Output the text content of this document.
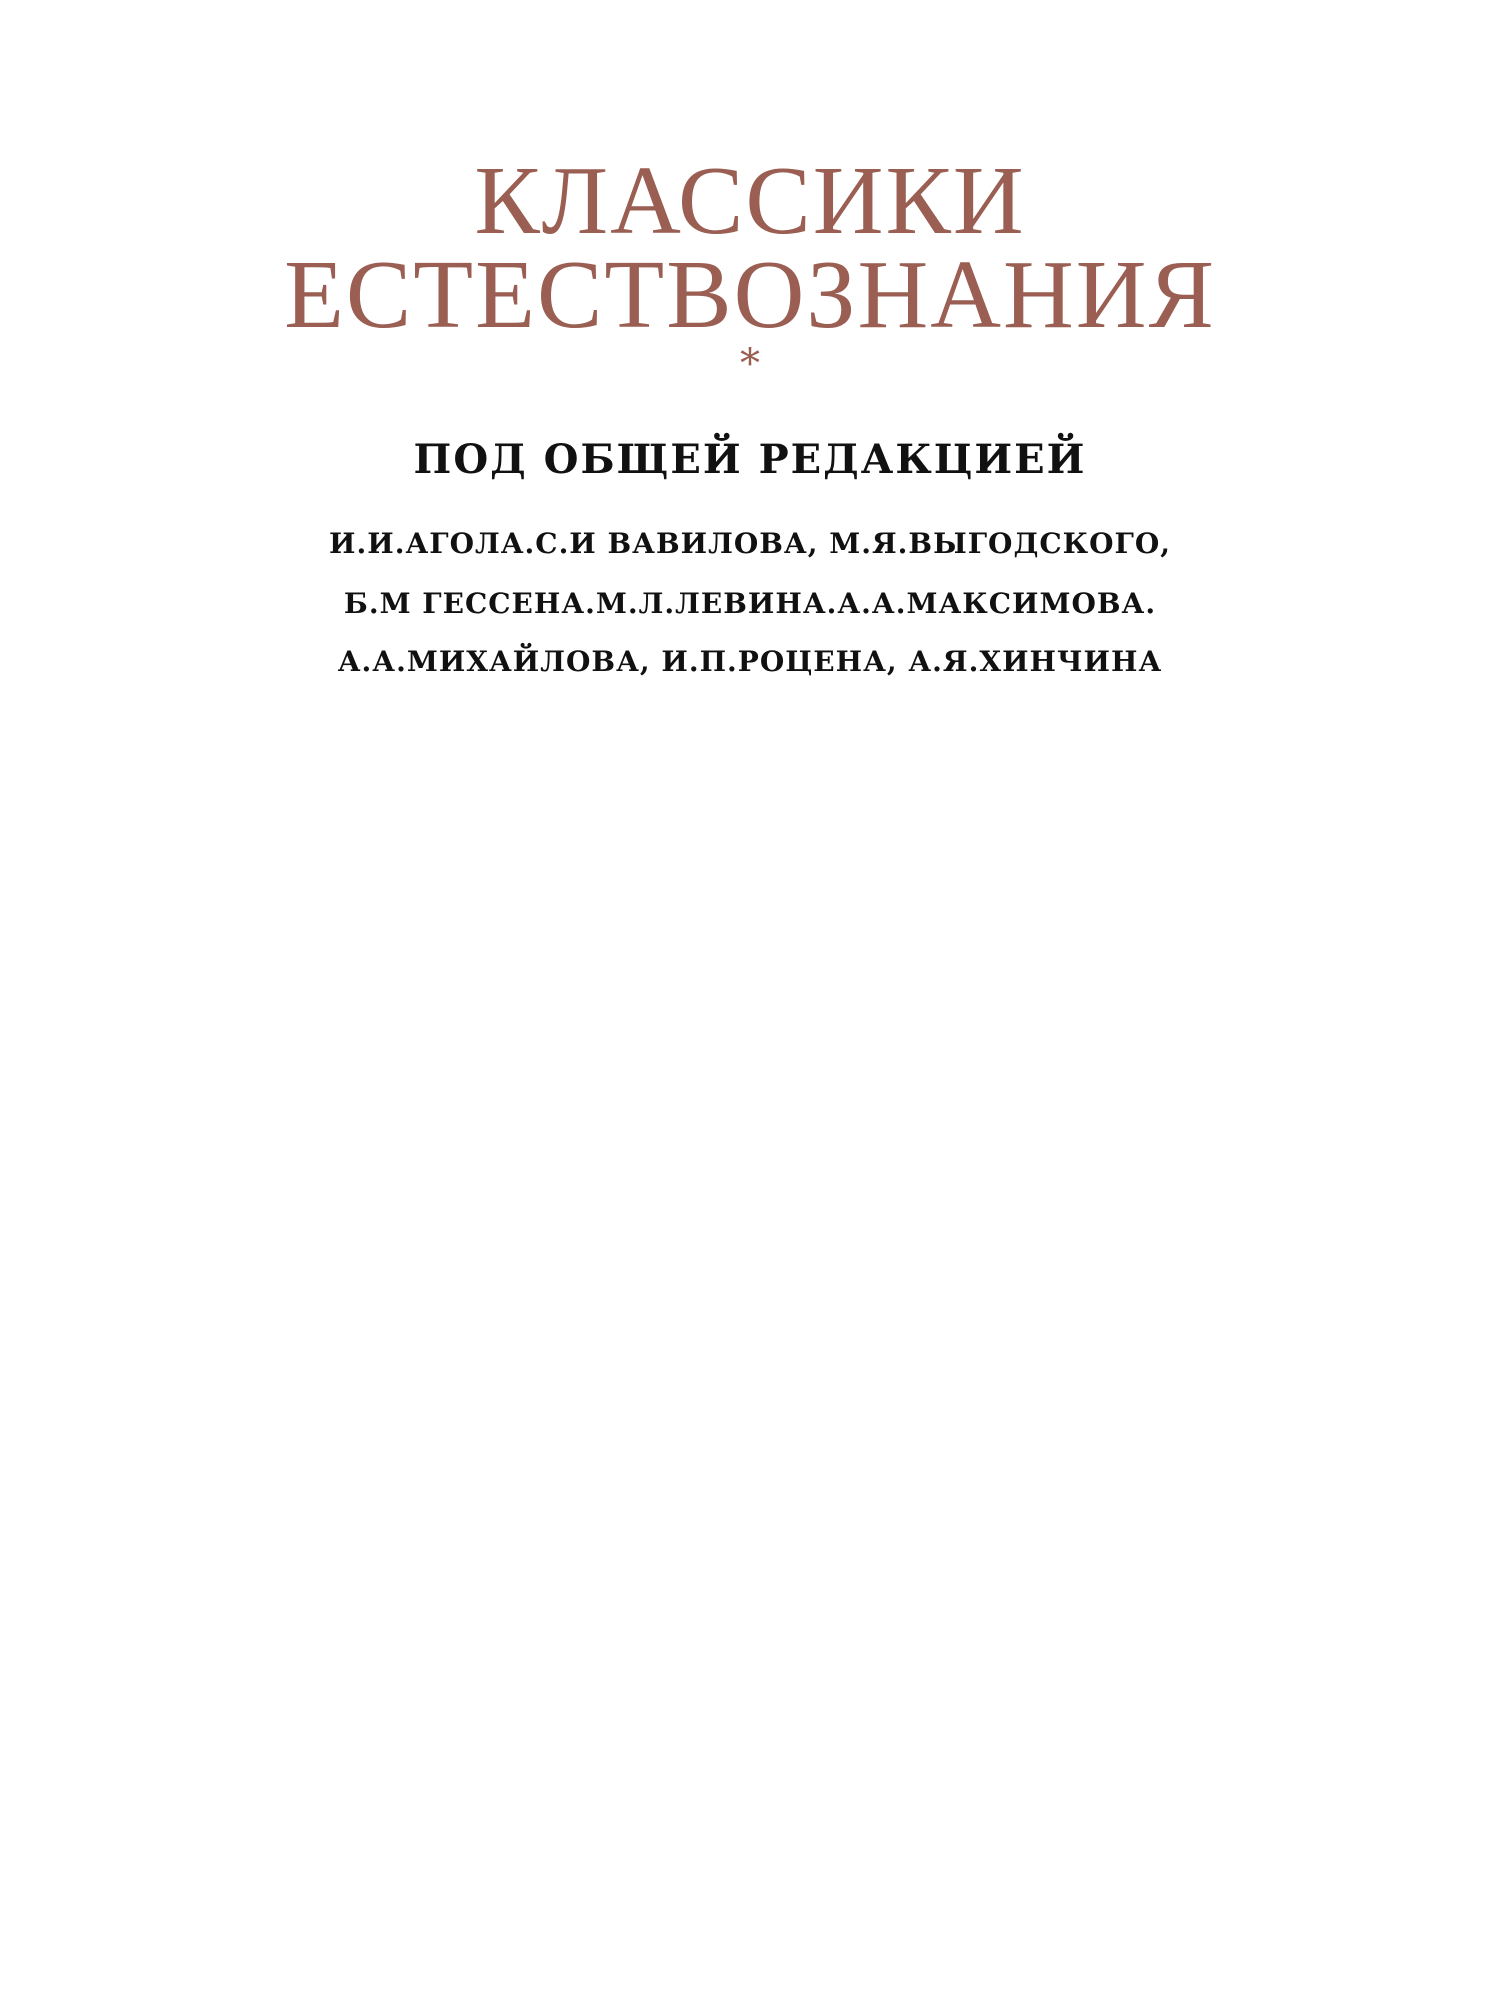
КЛАССИКИ
ЕСТЕСТВОЗНАНИЯ
*
ПОД ОБЩЕЙ РЕДАКЦИЕЙ
И.И.АГОЛА.С.И ВАВИЛОВА, М.Я.ВЫГОДСКОГО,
Б.М ГЕССЕНА.М.Л.ЛЕВИНА.А.А.МАКСИМОВА.
А.А.МИХАЙЛОВА, И.П.РОЦЕНА, А.Я.ХИНЧИНА
